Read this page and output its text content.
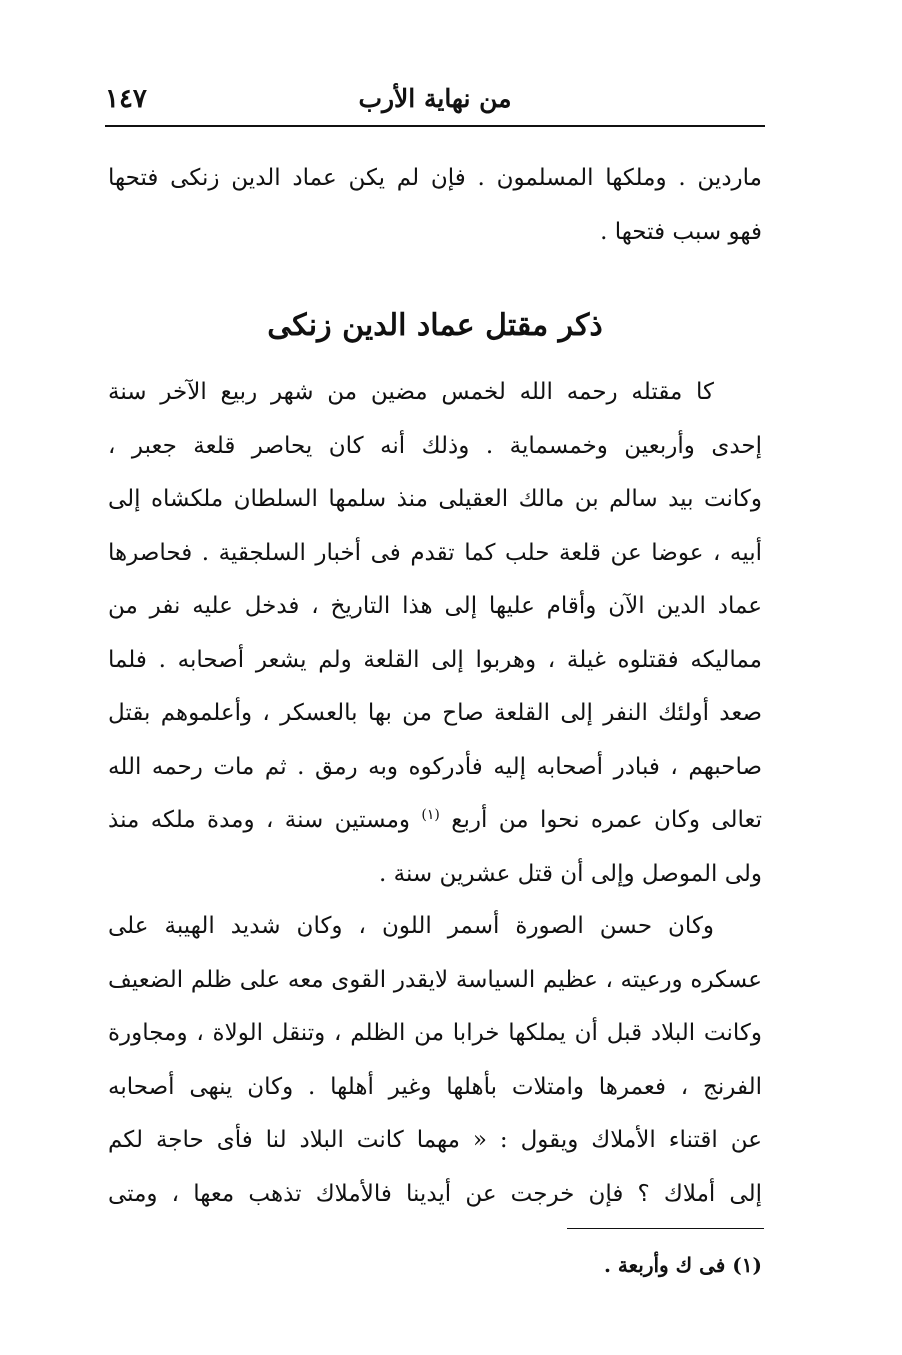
١٤٧	من نهاية الأرب
ماردين . وملكها المسلمون . فإن لم يكن عماد الدين زنكى فتحها
فهو سبب فتحها .
ذكر مقتل عماد الدين زنكى
كا مقتله رحمه الله لخمس مضين من شهر ربيع الآخر سنة
إحدى وأربعين وخمسماية . وذلك أنه كان يحاصر قلعة جعبر ،
وكانت بيد سالم بن مالك العقيلى منذ سلمها السلطان ملكشاه إلى
أبيه ، عوضا عن قلعة حلب كما تقدم فى أخبار السلجقية . فحاصرها
عماد الدين الآن وأقام عليها إلى هذا التاريخ ، فدخل عليه نفر من
مماليكه فقتلوه غيلة ، وهربوا إلى القلعة ولم يشعر أصحابه . فلما
صعد أولئك النفر إلى القلعة صاح من بها بالعسكر ، وأعلموهم بقتل
صاحبهم ، فبادر أصحابه إليه فأدركوه وبه رمق . ثم مات رحمه الله
تعالى وكان عمره نحوا من أربع $^{(١)}$ ومستين سنة ، ومدة ملكه منذ
ولى الموصل وإلى أن قتل عشرين سنة .
وكان حسن الصورة أسمر اللون ، وكان شديد الهيبة على
عسكره ورعيته ، عظيم السياسة لايقدر القوى معه على ظلم الضعيف
وكانت البلاد قبل أن يملكها خرابا من الظلم ، وتنقل الولاة ، ومجاورة
الفرنج ، فعمرها وامتلات بأهلها وغير أهلها . وكان ينهى أصحابه
عن اقتناء الأملاك ويقول : « مهما كانت البلاد لنا فأى حاجة لكم
إلى أملاك ؟ فإن خرجت عن أيدينا فالأملاك تذهب معها ، ومتى
(١) فى ك وأربعة .
